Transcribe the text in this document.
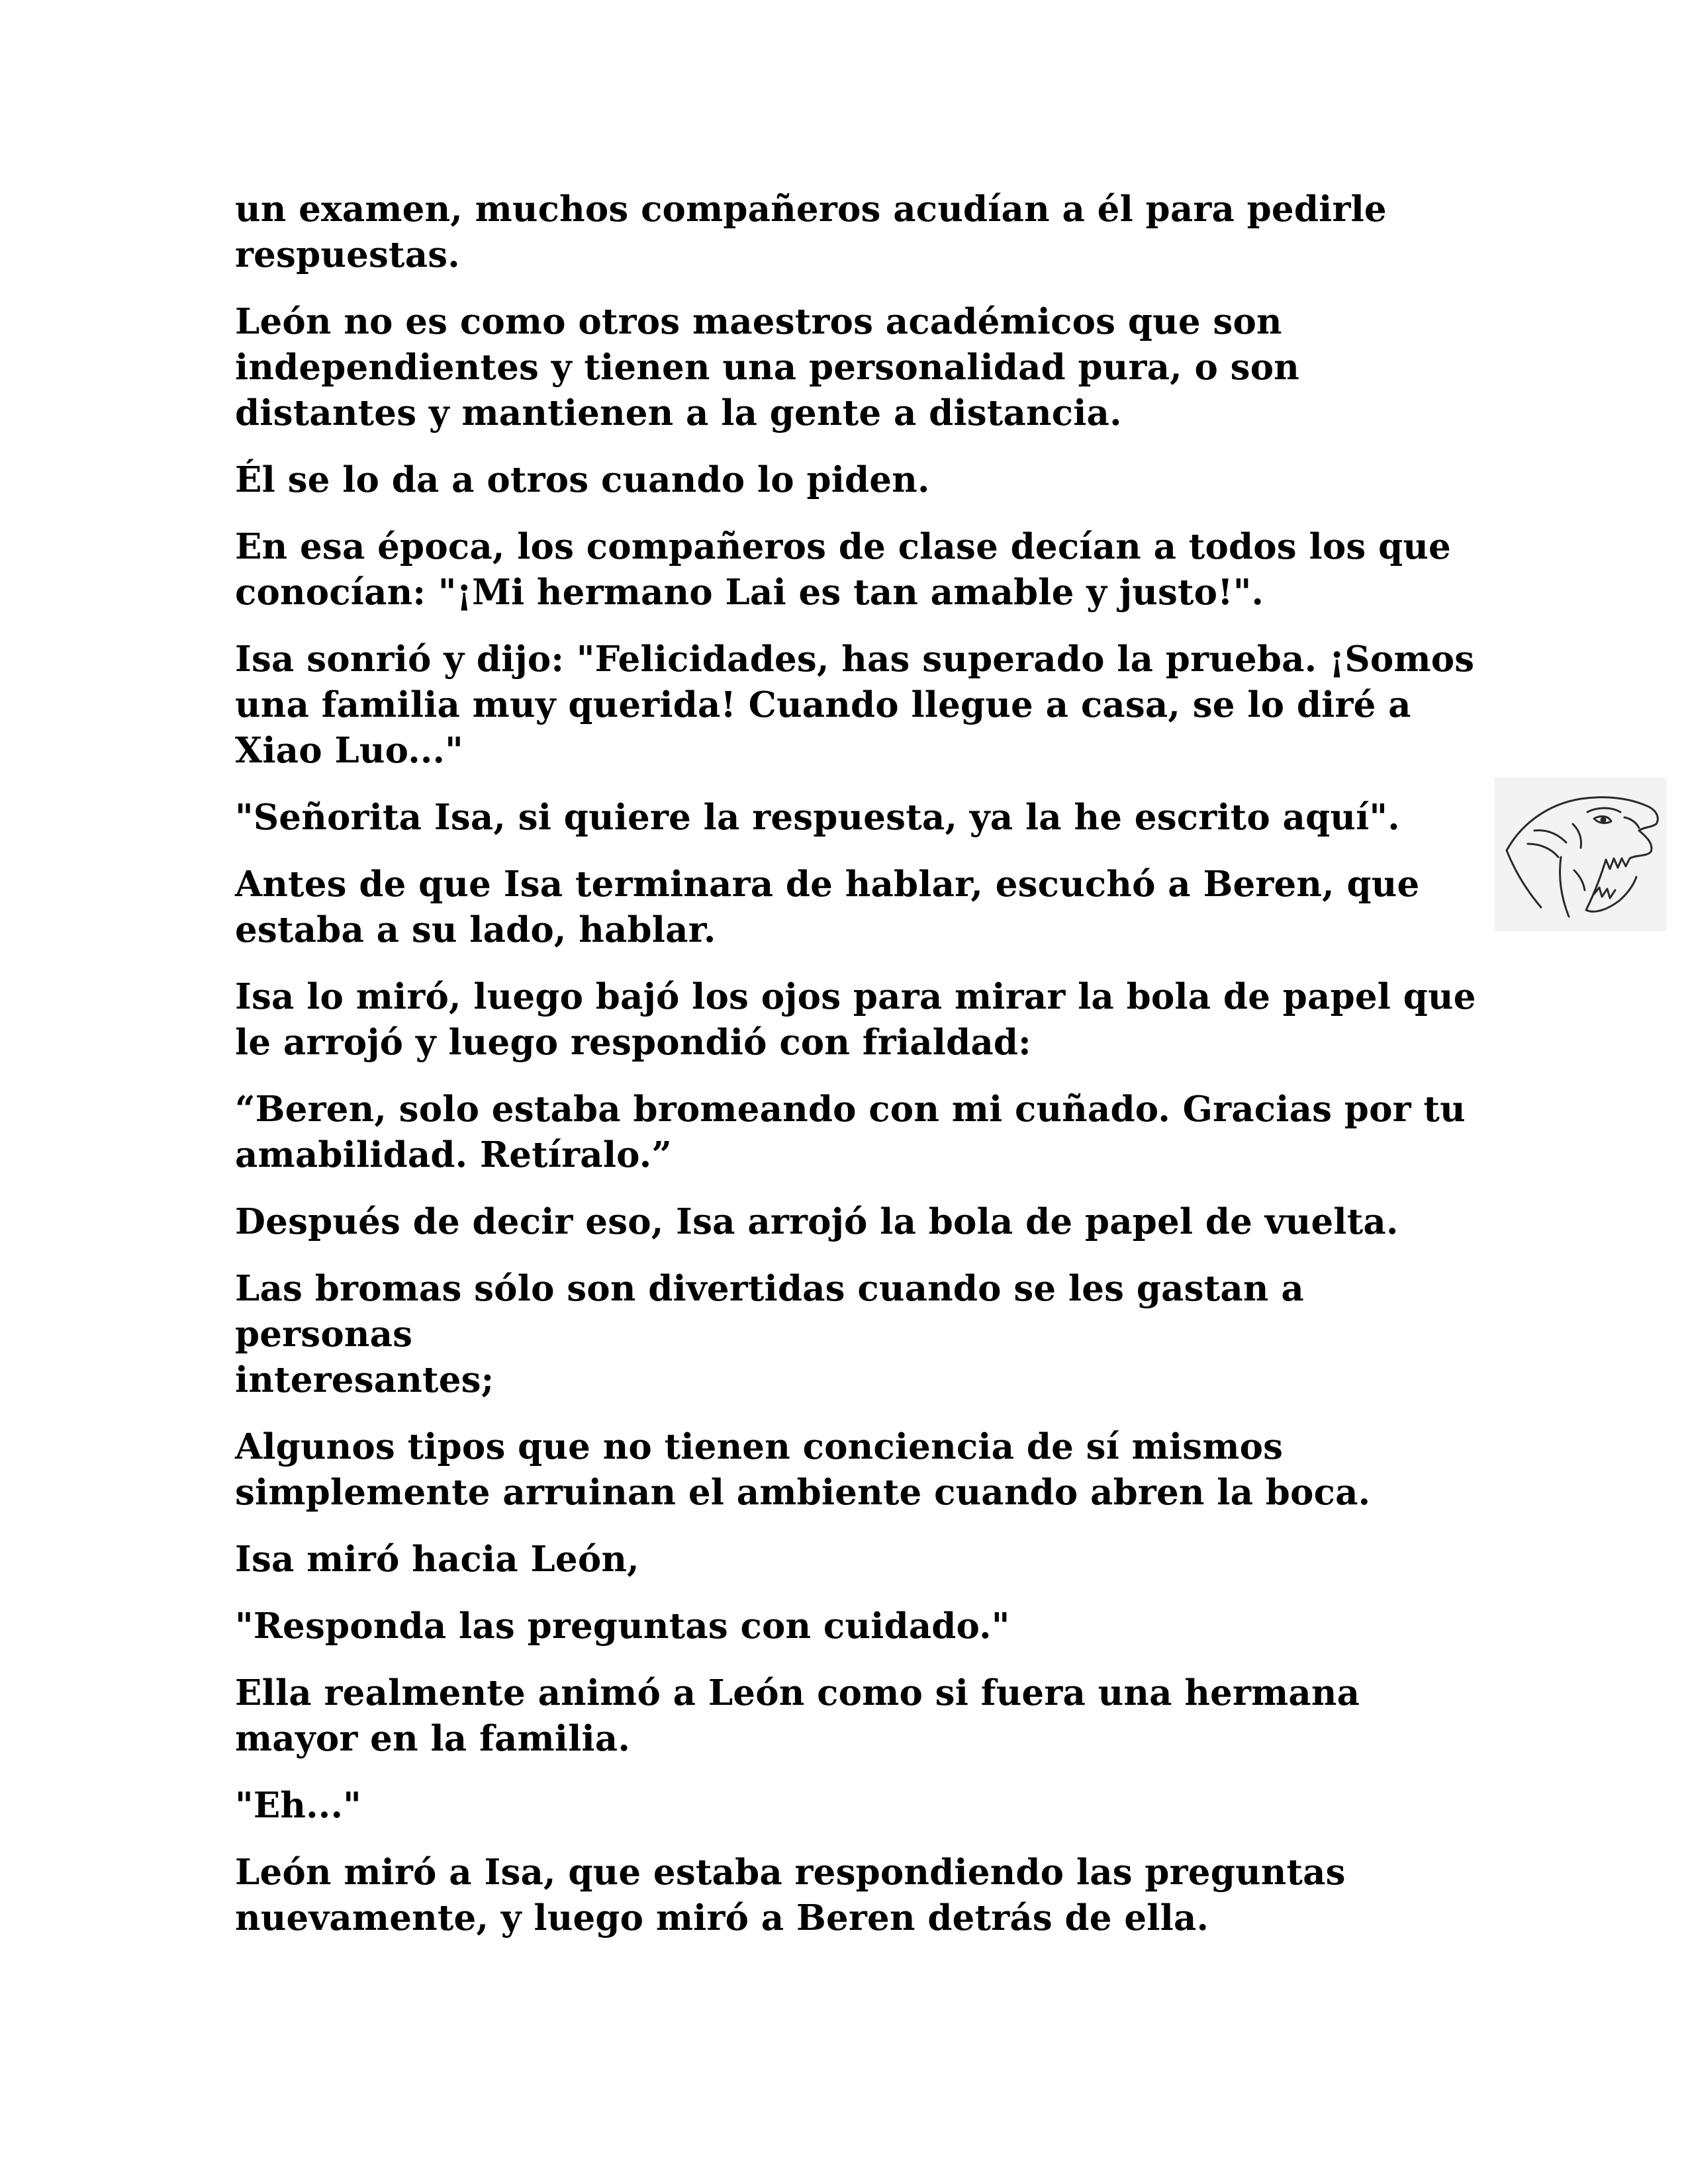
un examen, muchos compañeros acudían a él para pedirle
respuestas.

León no es como otros maestros académicos que son
independientes y tienen una personalidad pura, o son
distantes y mantienen a la gente a distancia.

Él se lo da a otros cuando lo piden.

En esa época, los compañeros de clase decían a todos los que
conocían: "¡Mi hermano Lai es tan amable y justo!".

Isa sonrió y dijo: "Felicidades, has superado la prueba. ¡Somos
una familia muy querida! Cuando llegue a casa, se lo diré a
Xiao Luo..."

"Señorita Isa, si quiere la respuesta, ya la he escrito aquí".

Antes de que Isa terminara de hablar, escuchó a Beren, que
estaba a su lado, hablar.

Isa lo miró, luego bajó los ojos para mirar la bola de papel que
le arrojó y luego respondió con frialdad:

“Beren, solo estaba bromeando con mi cuñado. Gracias por tu
amabilidad. Retíralo.”

Después de decir eso, Isa arrojó la bola de papel de vuelta.

Las bromas sólo son divertidas cuando se les gastan a personas
interesantes;

Algunos tipos que no tienen conciencia de sí mismos
simplemente arruinan el ambiente cuando abren la boca.

Isa miró hacia León,

"Responda las preguntas con cuidado."

Ella realmente animó a León como si fuera una hermana
mayor en la familia.

"Eh..."

León miró a Isa, que estaba respondiendo las preguntas
nuevamente, y luego miró a Beren detrás de ella.
